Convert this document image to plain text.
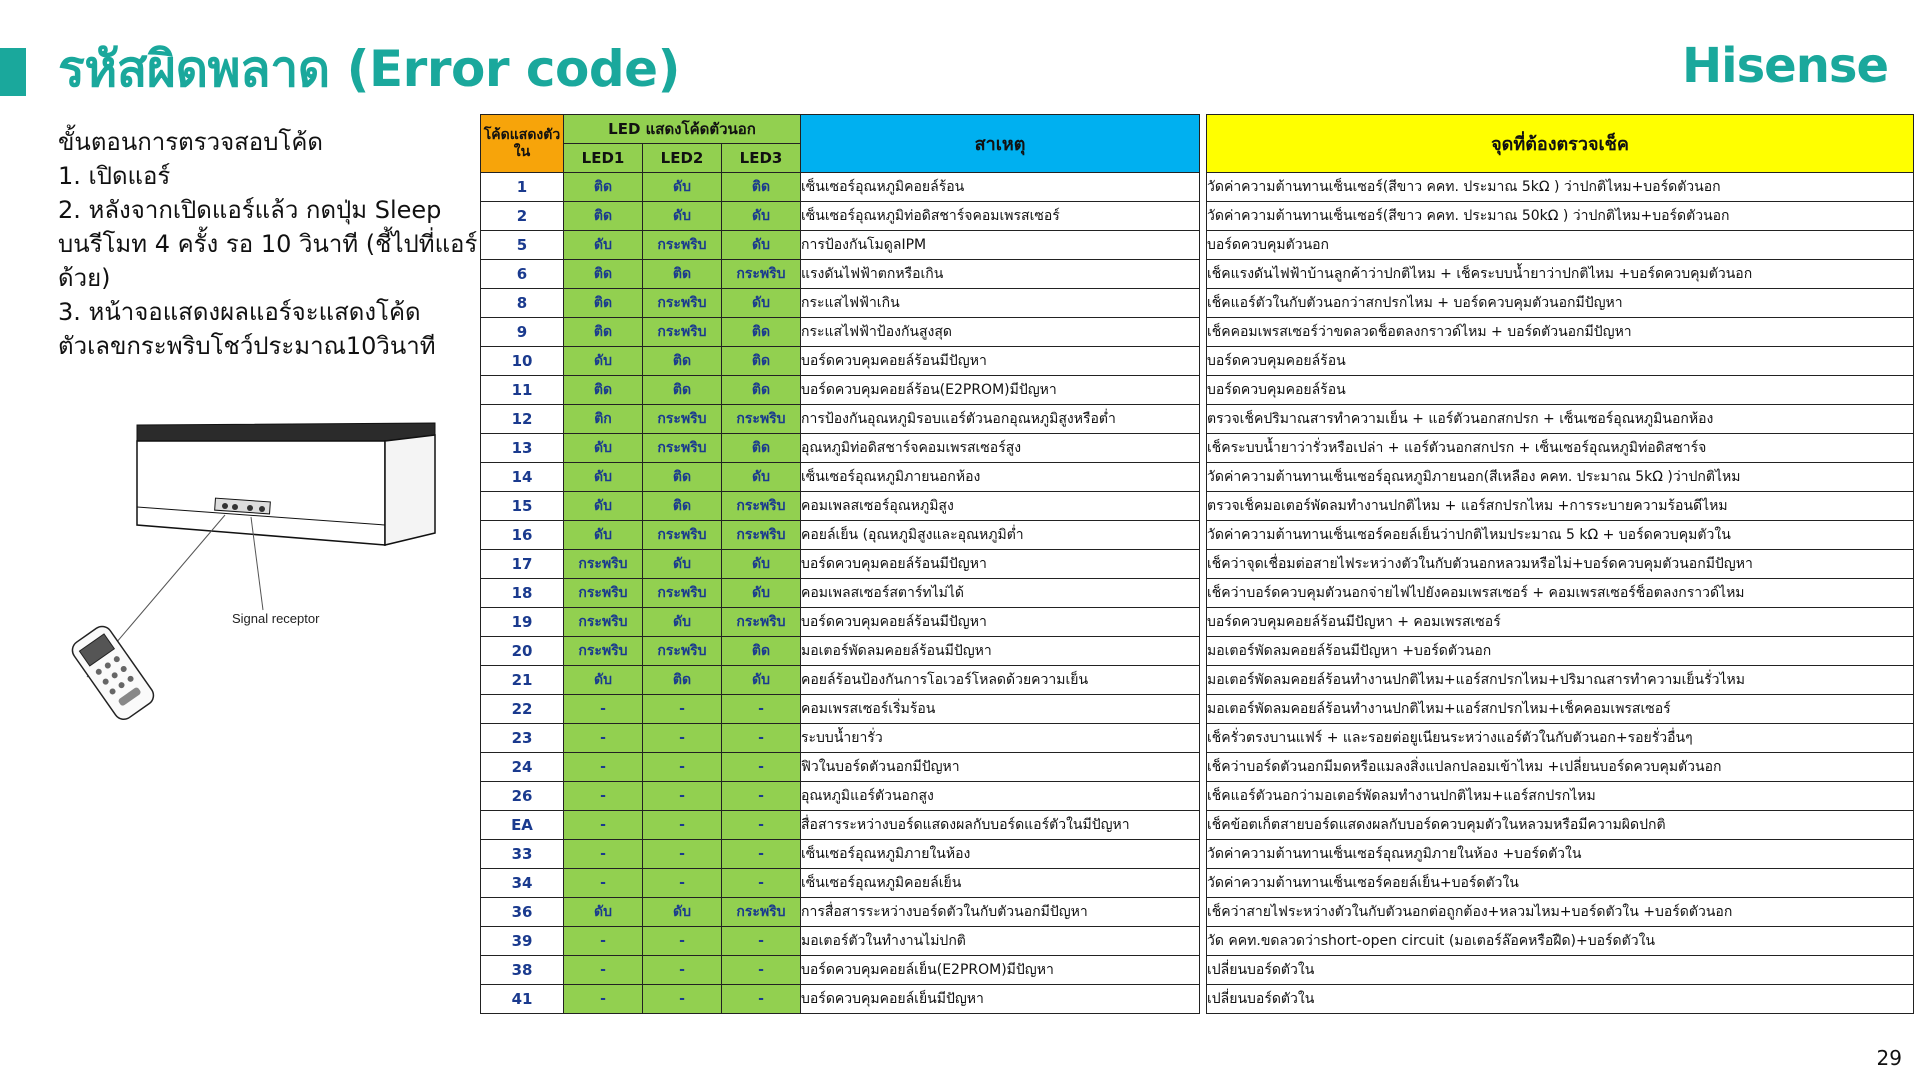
รหัสผิดพลาด (Error code)	Hisense
ขั้นตอนการตรวจสอบโค้ด
1. เปิดแอร์
2. หลังจากเปิดแอร์แล้ว กดปุ่ม Sleep บนรีโมท 4 ครั้ง รอ 10 วินาที (ชี้ไปที่แอร์ด้วย)
3. หน้าจอแสดงผลแอร์จะแสดงโค้ดตัวเลขกระพริบโชว์ประมาณ10วินาที
Signal receptor
โค้ดแสดงตัวใน	LED แสดงโค้ดตัวนอก			สาเหตุ		จุดที่ต้องตรวจเช็ค
	LED1	LED2	LED3			
1	ติด	ดับ	ติด	เซ็นเซอร์อุณหภูมิคอยล์ร้อน		วัดค่าความต้านทานเซ็นเซอร์(สีขาว คคท. ประมาณ 5kΩ ) ว่าปกติไหม+บอร์ดตัวนอก
2	ติด	ดับ	ดับ	เซ็นเซอร์อุณหภูมิท่อดิสชาร์จคอมเพรสเซอร์		วัดค่าความต้านทานเซ็นเซอร์(สีขาว คคท. ประมาณ 50kΩ ) ว่าปกติไหม+บอร์ดตัวนอก
5	ดับ	กระพริบ	ดับ	การป้องกันโมดูลIPM		บอร์ดควบคุมตัวนอก
6	ติด	ติด	กระพริบ	แรงดันไฟฟ้าตกหรือเกิน		เช็คแรงดันไฟฟ้าบ้านลูกค้าว่าปกติไหม + เช็คระบบน้ำยาว่าปกติไหม +บอร์ดควบคุมตัวนอก
8	ติด	กระพริบ	ดับ	กระแสไฟฟ้าเกิน		เช็คแอร์ตัวในกับตัวนอกว่าสกปรกไหม + บอร์ดควบคุมตัวนอกมีปัญหา
9	ติด	กระพริบ	ติด	กระแสไฟฟ้าป้องกันสูงสุด		เช็คคอมเพรสเซอร์ว่าขดลวดช็อตลงกราวด์ไหม + บอร์ดตัวนอกมีปัญหา
10	ดับ	ติด	ติด	บอร์ดควบคุมคอยล์ร้อนมีปัญหา		บอร์ดควบคุมคอยล์ร้อน
11	ติด	ติด	ติด	บอร์ดควบคุมคอยล์ร้อน(E2PROM)มีปัญหา		บอร์ดควบคุมคอยล์ร้อน
12	ติก	กระพริบ	กระพริบ	การป้องกันอุณหภูมิรอบแอร์ตัวนอกอุณหภูมิสูงหรือต่ำ		ตรวจเช็คปริมาณสารทำความเย็น + แอร์ตัวนอกสกปรก + เซ็นเซอร์อุณหภูมินอกห้อง
13	ดับ	กระพริบ	ติด	อุณหภูมิท่อดิสชาร์จคอมเพรสเซอร์สูง		เช็คระบบน้ำยาว่ารั่วหรือเปล่า + แอร์ตัวนอกสกปรก + เซ็นเซอร์อุณหภูมิท่อดิสชาร์จ
14	ดับ	ติด	ดับ	เซ็นเซอร์อุณหภูมิภายนอกห้อง		วัดค่าความต้านทานเซ็นเซอร์อุณหภูมิภายนอก(สีเหลือง คคท. ประมาณ 5kΩ )ว่าปกติไหม
15	ดับ	ติด	กระพริบ	คอมเพลสเซอร์อุณหภูมิสูง		ตรวจเช็คมอเตอร์พัดลมทำงานปกติไหม + แอร์สกปรกไหม +การระบายความร้อนดีไหม
16	ดับ	กระพริบ	กระพริบ	คอยล์เย็น (อุณหภูมิสูงและอุณหภูมิต่ำ		วัดค่าความต้านทานเซ็นเซอร์คอยล์เย็นว่าปกติไหมประมาณ 5 kΩ + บอร์ดควบคุมตัวใน
17	กระพริบ	ดับ	ดับ	บอร์ดควบคุมคอยล์ร้อนมีปัญหา		เช็คว่าจุดเชื่อมต่อสายไฟระหว่างตัวในกับตัวนอกหลวมหรือไม่+บอร์ดควบคุมตัวนอกมีปัญหา
18	กระพริบ	กระพริบ	ดับ	คอมเพลสเซอร์สตาร์ทไม่ได้		เช็คว่าบอร์ดควบคุมตัวนอกจ่ายไฟไปยังคอมเพรสเซอร์ + คอมเพรสเซอร์ช็อตลงกราวด์ไหม
19	กระพริบ	ดับ	กระพริบ	บอร์ดควบคุมคอยล์ร้อนมีปัญหา		บอร์ดควบคุมคอยล์ร้อนมีปัญหา + คอมเพรสเซอร์
20	กระพริบ	กระพริบ	ติด	มอเตอร์พัดลมคอยล์ร้อนมีปัญหา		มอเตอร์พัดลมคอยล์ร้อนมีปัญหา +บอร์ดตัวนอก
21	ดับ	ติด	ดับ	คอยล์ร้อนป้องกันการโอเวอร์โหลดด้วยความเย็น		มอเตอร์พัดลมคอยล์ร้อนทำงานปกติไหม+แอร์สกปรกไหม+ปริมาณสารทำความเย็นรั่วไหม
22	-	-	-	คอมเพรสเซอร์เริ่มร้อน		มอเตอร์พัดลมคอยล์ร้อนทำงานปกติไหม+แอร์สกปรกไหม+เช็คคอมเพรสเซอร์
23	-	-	-	ระบบน้ำยารั่ว		เช็ครั่วตรงบานแฟร์ + และรอยต่อยูเนียนระหว่างแอร์ตัวในกับตัวนอก+รอยรั่วอื่นๆ
24	-	-	-	ฟิวในบอร์ดตัวนอกมีปัญหา		เช็คว่าบอร์ดตัวนอกมีมดหรือแมลงสิ่งแปลกปลอมเข้าไหม +เปลี่ยนบอร์ดควบคุมตัวนอก
26	-	-	-	อุณหภูมิแอร์ตัวนอกสูง		เช็คแอร์ตัวนอกว่ามอเตอร์พัดลมทำงานปกติไหม+แอร์สกปรกไหม
EA	-	-	-	สื่อสารระหว่างบอร์ดแสดงผลกับบอร์ดแอร์ตัวในมีปัญหา		เช็คข้อตเก็ตสายบอร์ดแสดงผลกับบอร์ดควบคุมตัวในหลวมหรือมีความผิดปกติ
33	-	-	-	เซ็นเซอร์อุณหภูมิภายในห้อง		วัดค่าความต้านทานเซ็นเซอร์อุณหภูมิภายในห้อง +บอร์ดตัวใน
34	-	-	-	เซ็นเซอร์อุณหภูมิคอยล์เย็น		วัดค่าความต้านทานเซ็นเซอร์คอยล์เย็น+บอร์ดตัวใน
36	ดับ	ดับ	กระพริบ	การสื่อสารระหว่างบอร์ดตัวในกับตัวนอกมีปัญหา		เช็คว่าสายไฟระหว่างตัวในกับตัวนอกต่อถูกต้อง+หลวมไหม+บอร์ดตัวใน +บอร์ดตัวนอก
39	-	-	-	มอเตอร์ตัวในทำงานไม่ปกติ		วัด คคท.ขดลวดว่าshort-open circuit (มอเตอร์ล๊อคหรือฝืด)+บอร์ดตัวใน
38	-	-	-	บอร์ดควบคุมคอยล์เย็น(E2PROM)มีปัญหา		เปลี่ยนบอร์ดตัวใน
41	-	-	-	บอร์ดควบคุมคอยล์เย็นมีปัญหา		เปลี่ยนบอร์ดตัวใน
29
